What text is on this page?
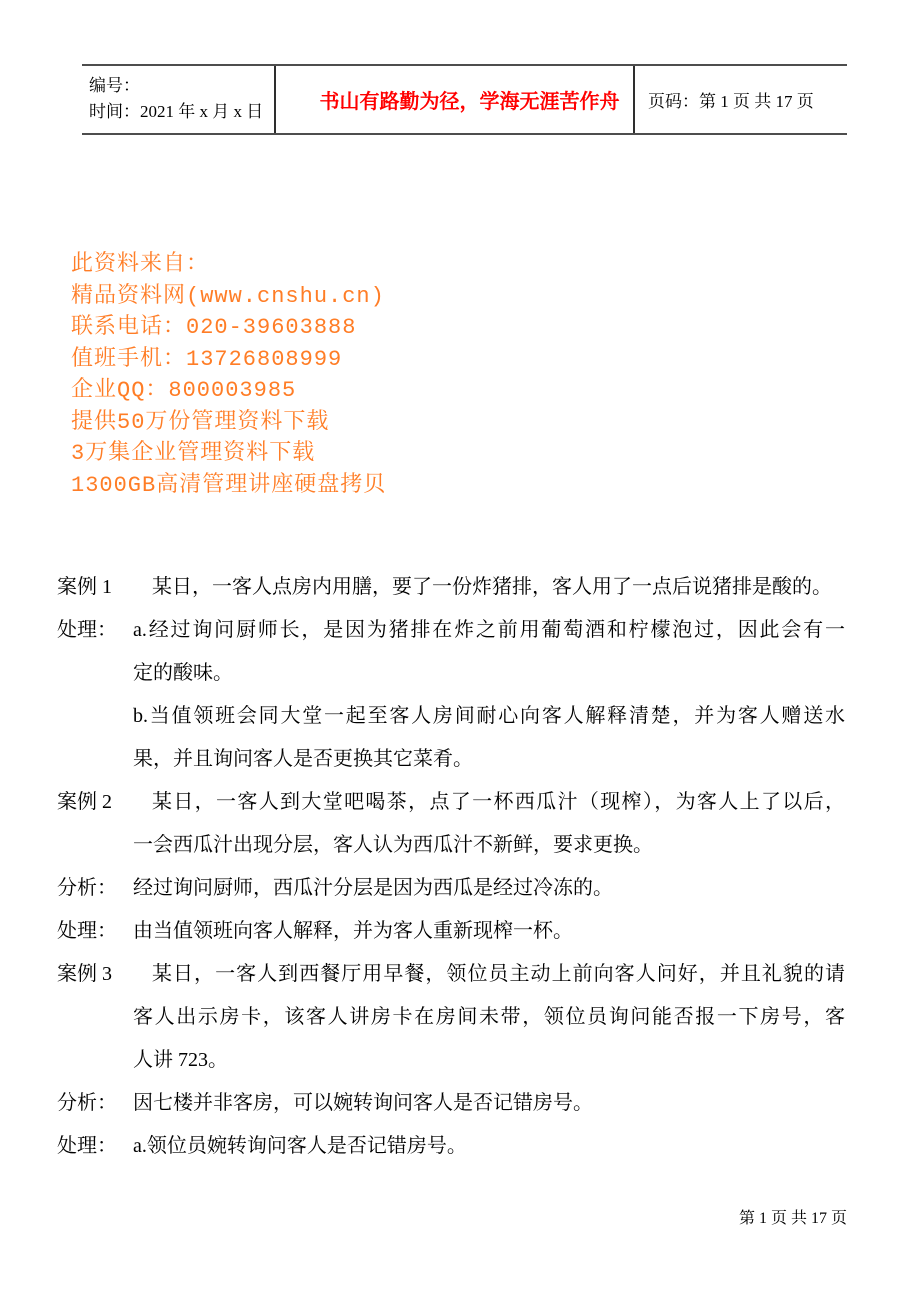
编号：
时间：2021 年 x 月 x 日	书山有路勤为径，学海无涯苦作舟 页码：第 1 页 共 17 页
此资料来自：
精品资料网(www.cnshu.cn)
联系电话：020-39603888
值班手机：13726808999
企业QQ：800003985
提供50万份管理资料下载
3万集企业管理资料下载
1300GB高清管理讲座硬盘拷贝
案例 1	某日，一客人点房内用膳，要了一份炸猪排，客人用了一点后说猪排是酸的。
处理： a.经过询问厨师长，是因为猪排在炸之前用葡萄酒和柠檬泡过，因此会有一
定的酸味。
b.当值领班会同大堂一起至客人房间耐心向客人解释清楚，并为客人赠送水
果，并且询问客人是否更换其它菜肴。
案例 2	某日，一客人到大堂吧喝茶，点了一杯西瓜汁（现榨），为客人上了以后，
一会西瓜汁出现分层，客人认为西瓜汁不新鲜，要求更换。
分析： 经过询问厨师，西瓜汁分层是因为西瓜是经过冷冻的。
处理： 由当值领班向客人解释，并为客人重新现榨一杯。
案例 3	某日，一客人到西餐厅用早餐，领位员主动上前向客人问好，并且礼貌的请
客人出示房卡，该客人讲房卡在房间未带，领位员询问能否报一下房号，客
人讲 723。
分析： 因七楼并非客房，可以婉转询问客人是否记错房号。
处理： a.领位员婉转询问客人是否记错房号。
第 1 页 共 17 页
